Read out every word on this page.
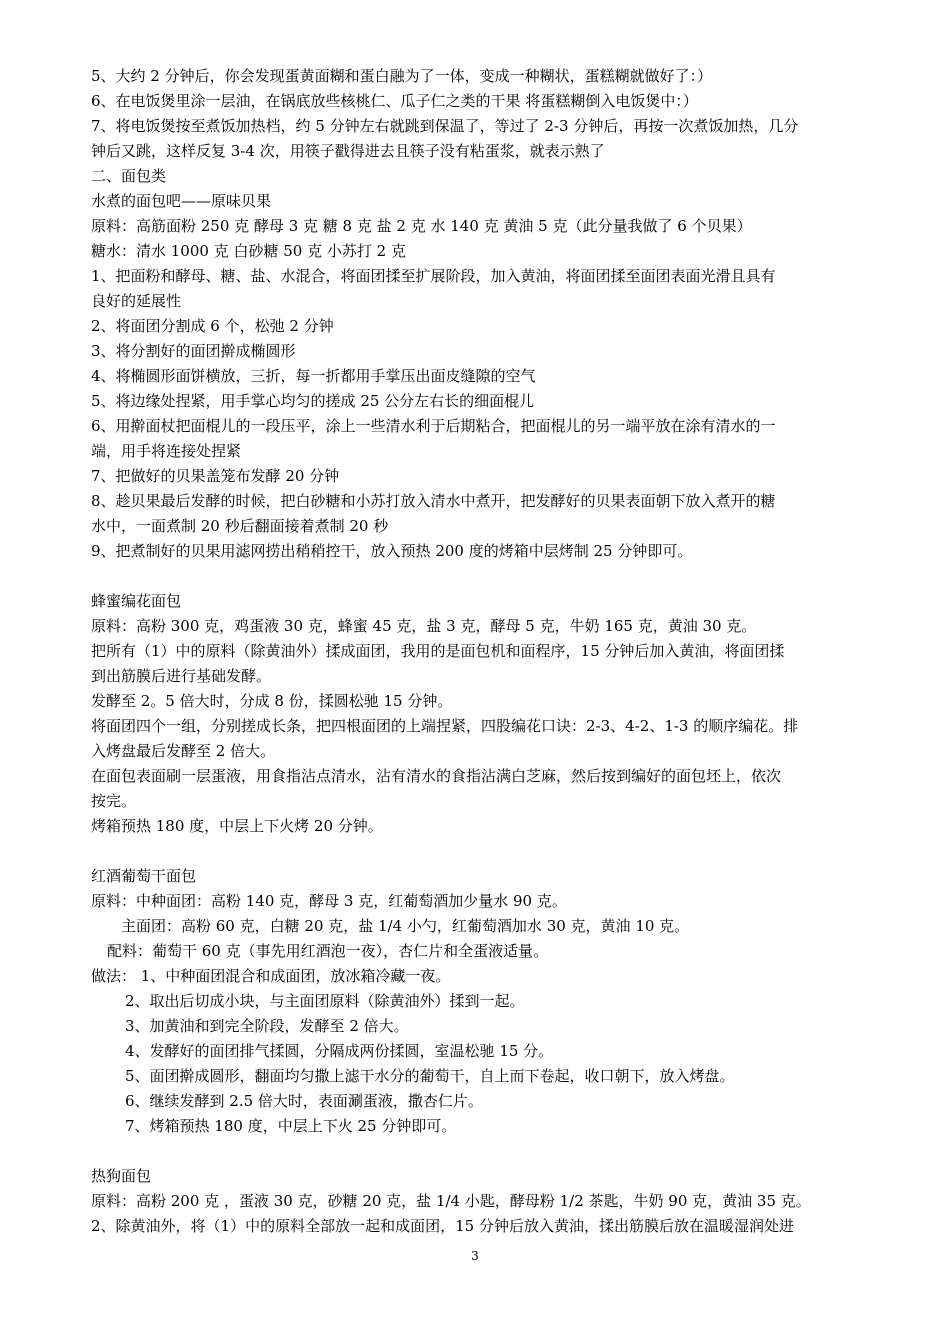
5、大约 2 分钟后，你会发现蛋黄面糊和蛋白融为了一体，变成一种糊状，蛋糕糊就做好了：）
6、在电饭煲里涂一层油，在锅底放些核桃仁、瓜子仁之类的干果 将蛋糕糊倒入电饭煲中：）
7、将电饭煲按至煮饭加热档，约 5 分钟左右就跳到保温了，等过了 2-3 分钟后，再按一次煮饭加热，几分
钟后又跳，这样反复 3-4 次，用筷子戳得进去且筷子没有粘蛋浆，就表示熟了
二、面包类
水煮的面包吧——原味贝果
原料：高筋面粉 250 克 酵母 3 克 糖 8 克 盐 2 克 水 140 克 黄油 5 克（此分量我做了 6 个贝果）
糖水：清水 1000 克 白砂糖 50 克 小苏打 2 克
1、把面粉和酵母、糖、盐、水混合，将面团揉至扩展阶段，加入黄油，将面团揉至面团表面光滑且具有
良好的延展性
2、将面团分割成 6 个，松弛 2 分钟
3、将分割好的面团擀成椭圆形
4、将椭圆形面饼横放，三折，每一折都用手掌压出面皮缝隙的空气
5、将边缘处捏紧，用手掌心均匀的搓成 25 公分左右长的细面棍儿
6、用擀面杖把面棍儿的一段压平，涂上一些清水利于后期粘合，把面棍儿的另一端平放在涂有清水的一
端，用手将连接处捏紧
7、把做好的贝果盖笼布发酵 20 分钟
8、趁贝果最后发酵的时候，把白砂糖和小苏打放入清水中煮开，把发酵好的贝果表面朝下放入煮开的糖
水中，一面煮制 20 秒后翻面接着煮制 20 秒
9、把煮制好的贝果用滤网捞出稍稍控干，放入预热 200 度的烤箱中层烤制 25 分钟即可。
蜂蜜编花面包
原料：高粉 300 克，鸡蛋液 30 克，蜂蜜 45 克，盐 3 克，酵母 5 克，牛奶 165 克，黄油 30 克。
把所有（1）中的原料（除黄油外）揉成面团，我用的是面包机和面程序，15 分钟后加入黄油，将面团揉
到出筋膜后进行基础发酵。
发酵至 2。5 倍大时，分成 8 份，揉圆松驰 15 分钟。
将面团四个一组，分别搓成长条，把四根面团的上端捏紧，四股编花口诀：2-3、4-2、1-3 的顺序编花。排
入烤盘最后发酵至 2 倍大。
在面包表面刷一层蛋液，用食指沾点清水，沾有清水的食指沾满白芝麻，然后按到编好的面包坯上，依次
按完。
烤箱预热 180 度，中层上下火烤 20 分钟。
红酒葡萄干面包
原料：中种面团：高粉 140 克，酵母 3 克，红葡萄酒加少量水 90 克。
主面团：高粉 60 克，白糖 20 克，盐 1/4 小勺，红葡萄酒加水 30 克，黄油 10 克。
配料：葡萄干 60 克（事先用红酒泡一夜），杏仁片和全蛋液适量。
做法： 1、中种面团混合和成面团，放冰箱冷藏一夜。
2、取出后切成小块，与主面团原料（除黄油外）揉到一起。
3、加黄油和到完全阶段，发酵至 2 倍大。
4、发酵好的面团排气揉圆，分隔成两份揉圆，室温松驰 15 分。
5、面团擀成圆形，翻面均匀撒上滤干水分的葡萄干，自上而下卷起，收口朝下，放入烤盘。
6、继续发酵到 2.5 倍大时，表面涮蛋液，撒杏仁片。
7、烤箱预热 180 度，中层上下火 25 分钟即可。
热狗面包
原料：高粉 200 克 ，蛋液 30 克，砂糖 20 克，盐 1/4 小匙，酵母粉 1/2 茶匙，牛奶 90 克，黄油 35 克。
2、除黄油外，将（1）中的原料全部放一起和成面团，15 分钟后放入黄油，揉出筋膜后放在温暖湿润处进
3
